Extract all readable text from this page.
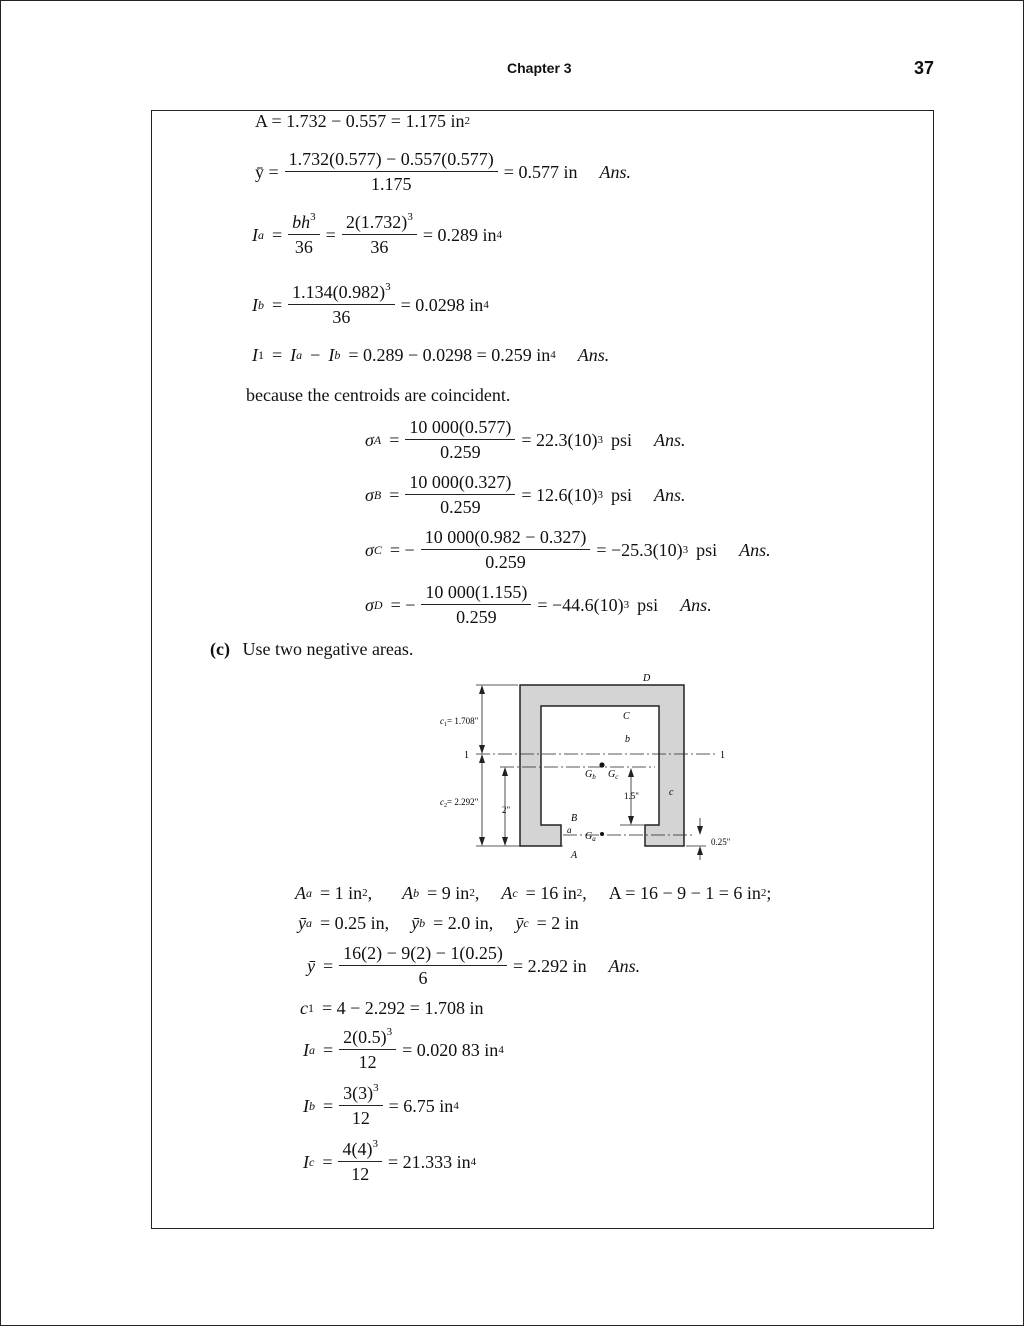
Chapter 3	37
A = 1.732 − 0.557 = 1.175 in 2
ȳ = $\frac{1.732(0.577) - 0.557(0.577)}{1.175} = 0.577$ in Ans.
I $a = \frac{bh^3}{36} = \frac{2(1.732)^3}{36} = 0.289$ in 4
I $b = \frac{1.134(0.982)^3}{36} = 0.0298$ in 4
I 1 = I a − I b = 0.289 − 0.0298 = 0.259 in 4 Ans.
because the centroids are coincident.
σ $A = \frac{10 000(0.577)}{0.259} = 22.3(10)$ 3 psi Ans.
σ $B = \frac{10 000(0.327)}{0.259} = 12.6(10)$ 3 psi Ans.
σ C = − $\frac{10 000(0.982 - 0.327)}{0.259} = -25.3(10)$ 3 psi Ans.
σ D = − $\frac{10 000(1.155)}{0.259} = -44.6(10)$ 3 psi Ans.
(c) Use two negative areas.
D
C
b
1	1
$G_b$ $G_c$
1.5"	c
$c_1= 1.708$"
$c_2= 2.292$"
2"
B
a
$G_a$
A
0.25"
A a = 1 in 2 , A b = 9 in 2 , A c = 16 in 2 , A = 16 − 9 − 1 = 6 in 2 ;
ȳ a = 0.25 in, ȳ b = 2.0 in, ȳ c = 2 in
ȳ = $\frac{16(2) - 9(2) - 1(0.25)}{6} = 2.292$ in Ans.
c 1 = 4 − 2.292 = 1.708 in
I $a = \frac{2(0.5)^3}{12} = 0.020$ 83 in 4
I $b = \frac{3(3)^3}{12} = 6.75$ in 4
I $c = \frac{4(4)^3}{12} = 21.333$ in 4
